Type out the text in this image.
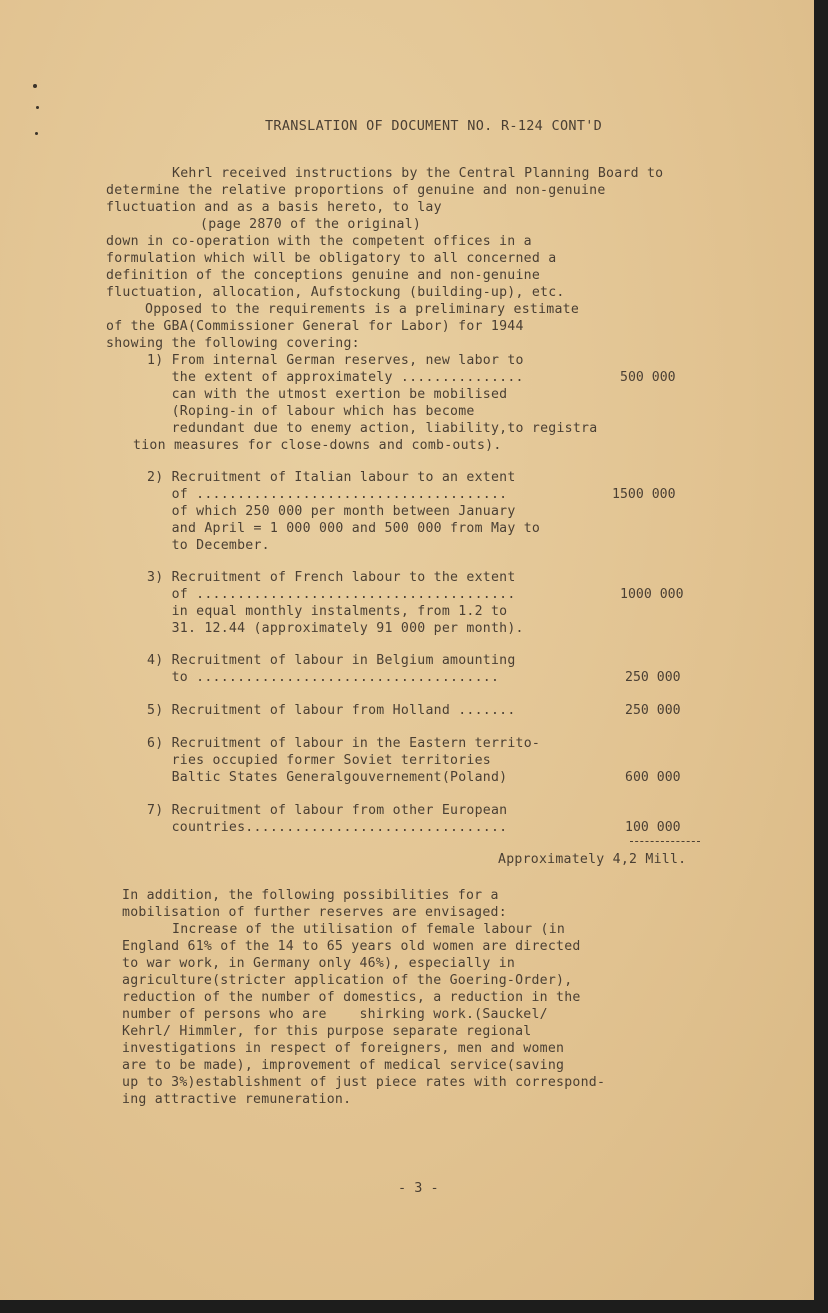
TRANSLATION OF DOCUMENT NO. R-124 CONT'D
Kehrl received instructions by the Central Planning Board to
determine the relative proportions of genuine and non-genuine
fluctuation and as a basis hereto, to lay
(page 2870 of the original)
down in co-operation with the competent offices in a
formulation which will be obligatory to all concerned a
definition of the conceptions genuine and non-genuine
fluctuation, allocation, Aufstockung (building-up), etc.
Opposed to the requirements is a preliminary estimate
of the GBA(Commissioner General for Labor) for 1944
showing the following covering:
1) From internal German reserves, new labor to
the extent of approximately ...............	500 000
can with the utmost exertion be mobilised
(Roping-in of labour which has become
redundant due to enemy action, liability,to registra
tion measures for close-downs and comb-outs).
2) Recruitment of Italian labour to an extent
of ......................................	1500 000
of which 250 000 per month between January
and April = 1 000 000 and 500 000 from May to
to December.
3) Recruitment of French labour to the extent
of .......................................	1000 000
in equal monthly instalments, from 1.2 to
31. 12.44 (approximately 91 000 per month).
4) Recruitment of labour in Belgium amounting
to .....................................	250 000
5) Recruitment of labour from Holland .......	250 000
6) Recruitment of labour in the Eastern territo-
ries occupied former Soviet territories
Baltic States Generalgouvernement(Poland)	600 000
7) Recruitment of labour from other European
countries................................	100 000
Approximately 4,2 Mill.
In addition, the following possibilities for a
mobilisation of further reserves are envisaged:
Increase of the utilisation of female labour (in
England 61% of the 14 to 65 years old women are directed
to war work, in Germany only 46%), especially in
agriculture(stricter application of the Goering-Order),
reduction of the number of domestics, a reduction in the
number of persons who are    shirking work.(Sauckel/
Kehrl/ Himmler, for this purpose separate regional
investigations in respect of foreigners, men and women
are to be made), improvement of medical service(saving
up to 3%)establishment of just piece rates with correspond-
ing attractive remuneration.
- 3 -
